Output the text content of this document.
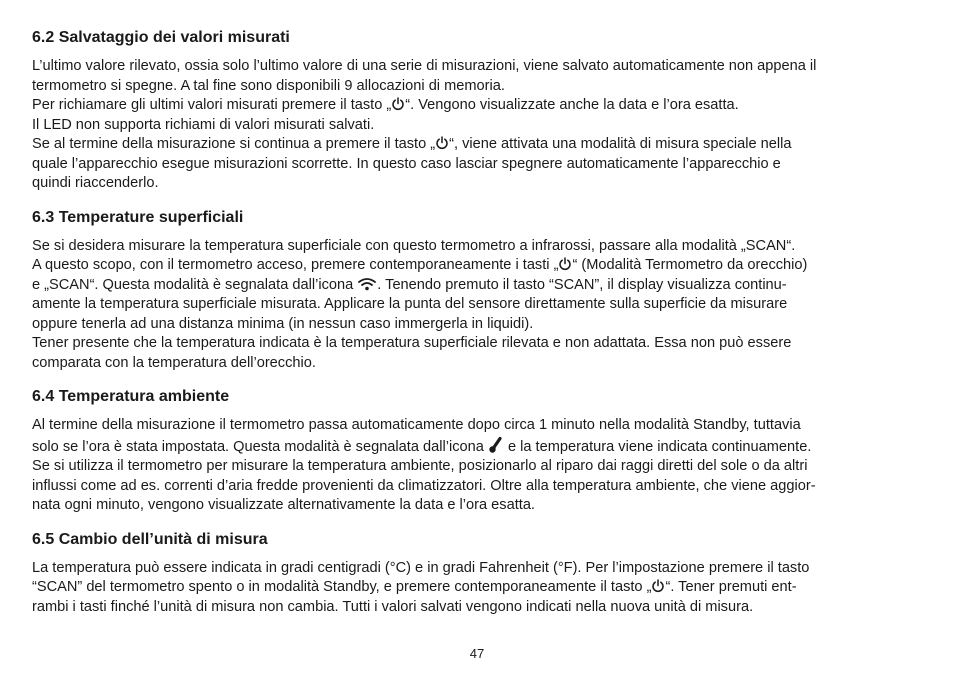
6.2 Salvataggio dei valori misurati
L’ultimo valore rilevato, ossia solo l’ultimo valore di una serie di misurazioni, viene salvato automaticamente non appena il
termometro si spegne. A tal fine sono disponibili 9 allocazioni di memoria.
Per richiamare gli ultimi valori misurati premere il tasto „ “. Vengono visualizzate anche la data e l’ora esatta.
Il LED non supporta richiami di valori misurati salvati.
Se al termine della misurazione si continua a premere il tasto „ “, viene attivata una modalità di misura speciale nella
quale l’apparecchio esegue misurazioni scorrette. In questo caso lasciar spegnere automaticamente l’apparecchio e
quindi riaccenderlo.
6.3 Temperature superficiali
Se si desidera misurare la temperatura superficiale con questo termometro a infrarossi, passare alla modalità „SCAN“.
A questo scopo, con il termometro acceso, premere contemporaneamente i tasti „ “ (Modalità Termometro da orecchio)
e „SCAN“. Questa modalità è segnalata dall’icona . Tenendo premuto il tasto “SCAN”, il display visualizza continu-
amente la temperatura superficiale misurata. Applicare la punta del sensore direttamente sulla superficie da misurare
oppure tenerla ad una distanza minima (in nessun caso immergerla in liquidi).
Tener presente che la temperatura indicata è la temperatura superficiale rilevata e non adattata. Essa non può essere
comparata con la temperatura dell’orecchio.
6.4 Temperatura ambiente
Al termine della misurazione il termometro passa automaticamente dopo circa 1 minuto nella modalità Standby, tuttavia
solo se l’ora è stata impostata. Questa modalità è segnalata dall’icona  e la temperatura viene indicata continuamente.
Se si utilizza il termometro per misurare la temperatura ambiente, posizionarlo al riparo dai raggi diretti del sole o da altri
influssi come ad es. correnti d’aria fredde provenienti da climatizzatori. Oltre alla temperatura ambiente, che viene aggior-
nata ogni minuto, vengono visualizzate alternativamente la data e l’ora esatta.
6.5 Cambio dell’unità di misura
La temperatura può essere indicata in gradi centigradi (°C) e in gradi Fahrenheit (°F). Per l’impostazione premere il tasto
“SCAN” del termometro spento o in modalità Standby, e premere contemporaneamente il tasto „ “. Tener premuti ent-
rambi i tasti finché l’unità di misura non cambia. Tutti i valori salvati vengono indicati nella nuova unità di misura.
47
